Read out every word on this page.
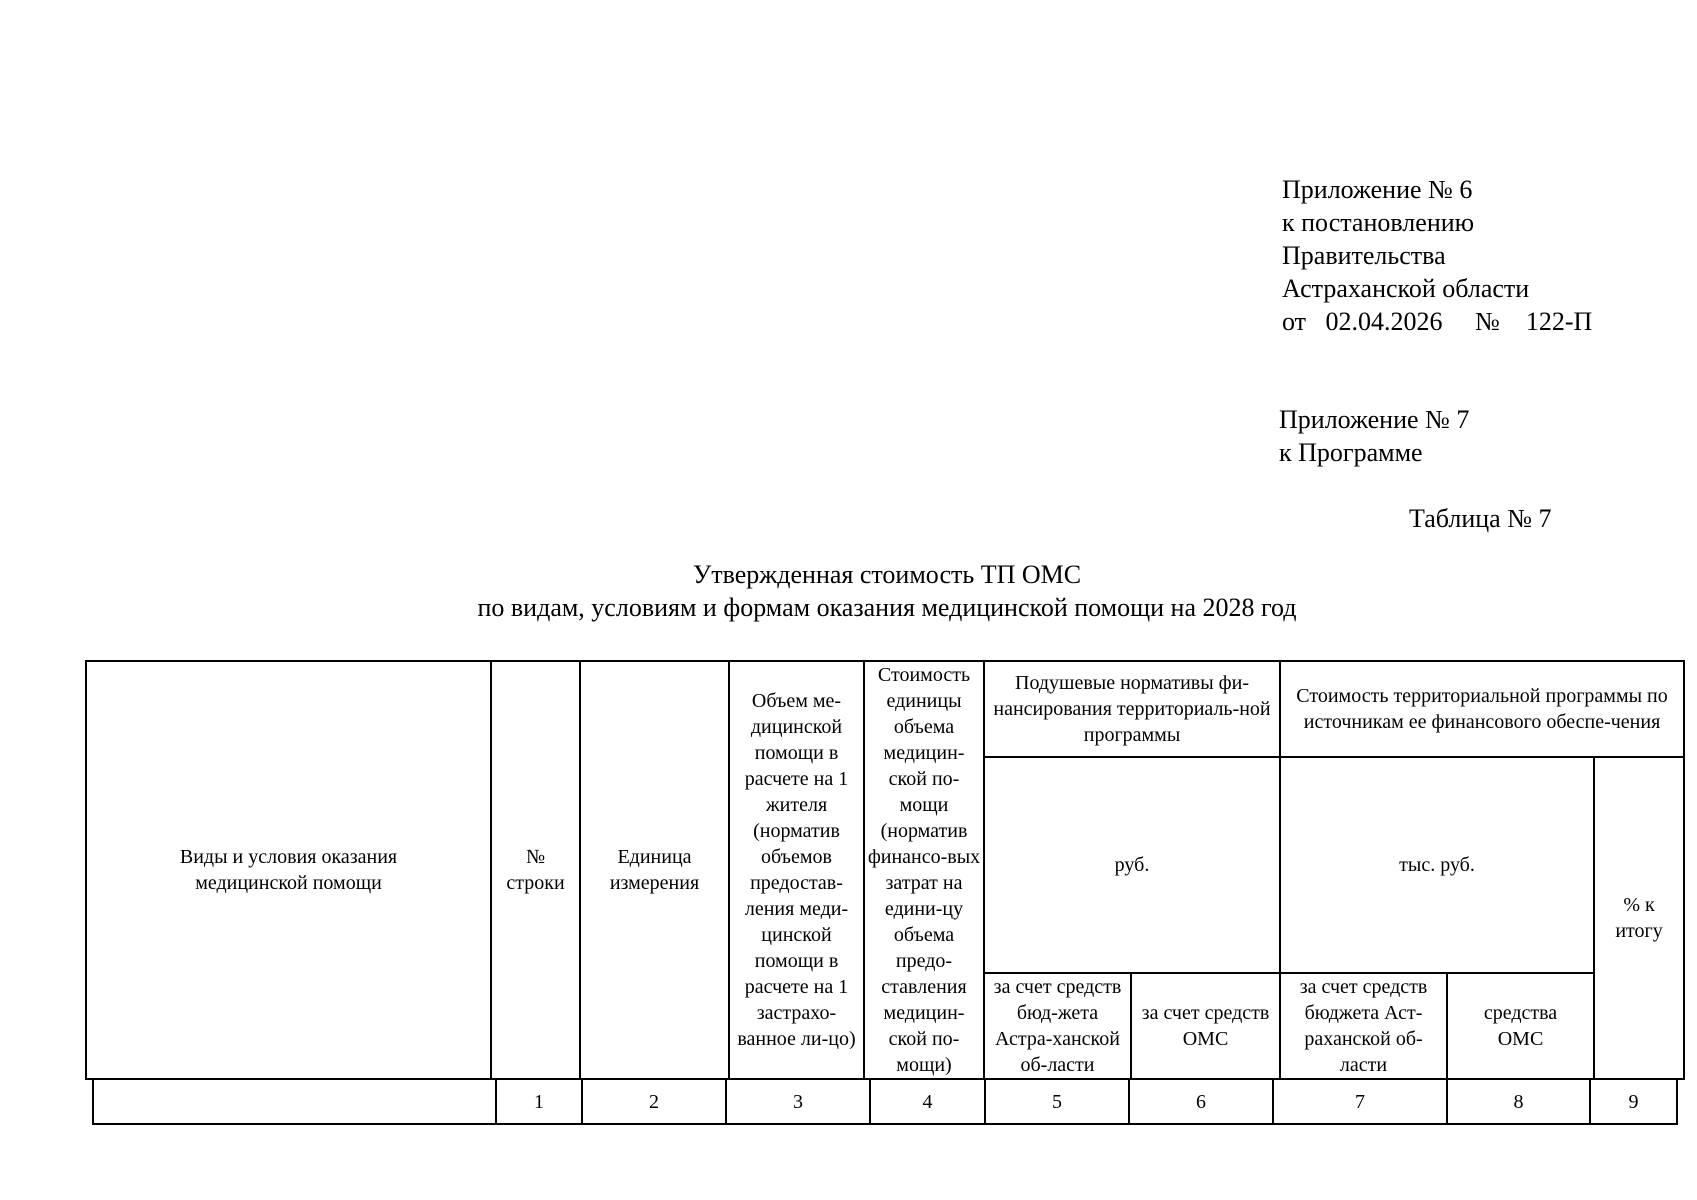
Приложение № 6
к постановлению
Правительства
Астраханской области
от   02.04.2026     №    122-П
Приложение № 7
к Программе
Таблица № 7
Утвержденная стоимость ТП ОМС
по видам, условиям и формам оказания медицинской помощи на 2028 год
Виды и условия оказания медицинской помощи	№ строки	Единица измерения	Объем ме-дицинской помощи в расчете на 1 жителя (норматив объемов предостав-ления меди-цинской помощи в расчете на 1 застрахо-ванное ли-цо)	Стоимость единицы объема медицин-ской по-мощи (норматив финансо-вых затрат на едини-цу объема предо-ставления медицин-ской по-мощи)	Подушевые нормативы фи-нансирования территориаль-ной программы		Стоимость территориальной программы по источникам ее финансового обеспе-чения		

					руб.		тыс. руб.		% к итогу

					за счет средств бюд-жета Астра-ханской об-ласти	за счет средств ОМС	за счет средств бюджета Аст-раханской об-ласти	средства ОМС	
	1	2	3	4	5	6	7	8	9
